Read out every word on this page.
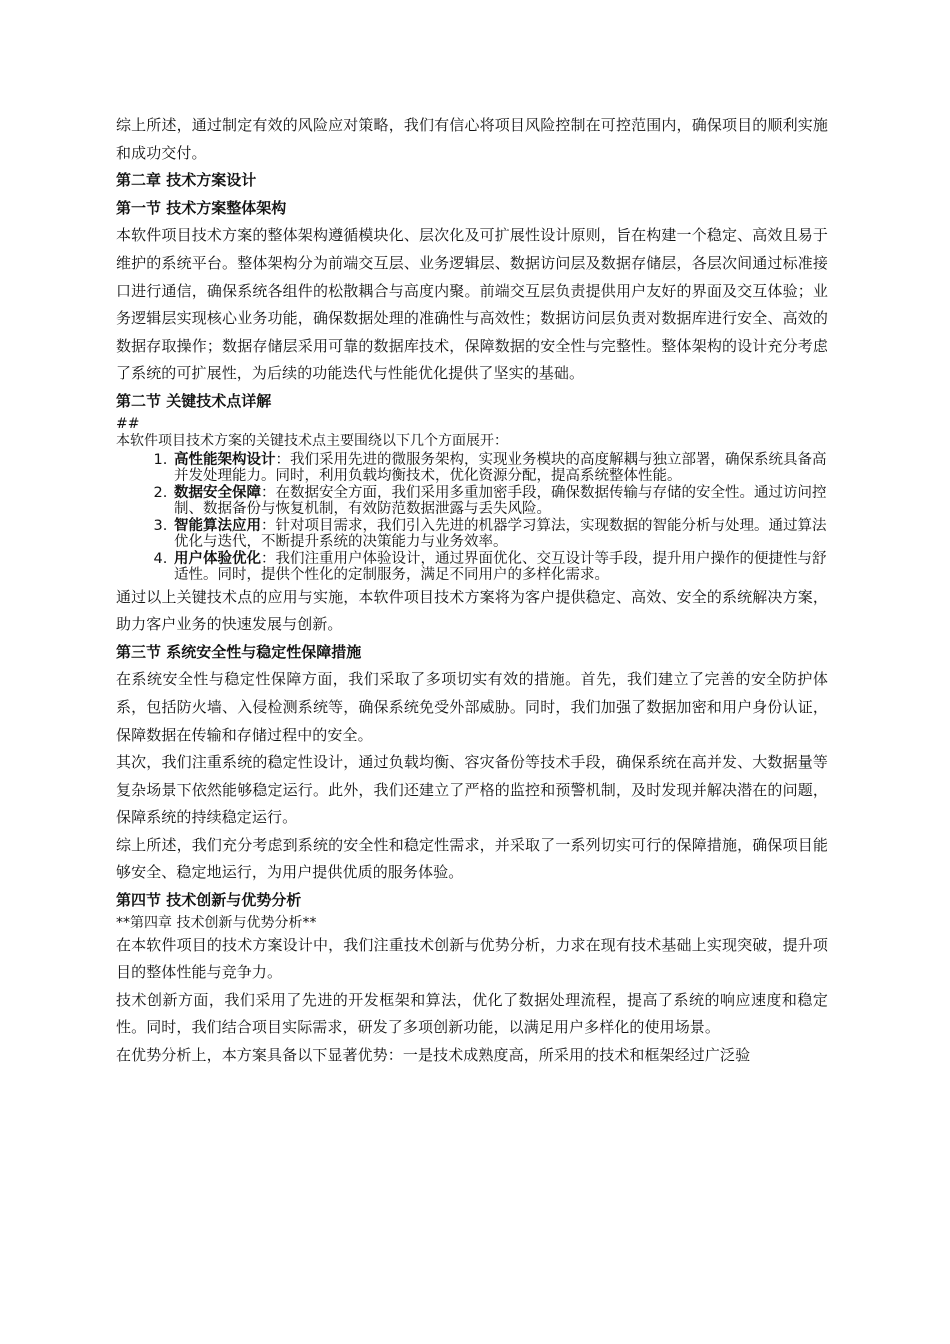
综上所述，通过制定有效的风险应对策略，我们有信心将项目风险控制在可控范围内，确保项目的顺利实施和成功交付。

第二章 技术方案设计
第一节 技术方案整体架构

本软件项目技术方案的整体架构遵循模块化、层次化及可扩展性设计原则，旨在构建一个稳定、高效且易于维护的系统平台。整体架构分为前端交互层、业务逻辑层、数据访问层及数据存储层，各层次间通过标准接口进行通信，确保系统各组件的松散耦合与高度内聚。前端交互层负责提供用户友好的界面及交互体验；业务逻辑层实现核心业务功能，确保数据处理的准确性与高效性；数据访问层负责对数据库进行安全、高效的数据存取操作；数据存储层采用可靠的数据库技术，保障数据的安全性与完整性。整体架构的设计充分考虑了系统的可扩展性，为后续的功能迭代与性能优化提供了坚实的基础。

第二节 关键技术点详解
##
本软件项目技术方案的关键技术点主要围绕以下几个方面展开：
1. 高性能架构设计：我们采用先进的微服务架构，实现业务模块的高度解耦与独立部署，确保系统具备高并发处理能力。同时，利用负载均衡技术，优化资源分配，提高系统整体性能。
2. 数据安全保障：在数据安全方面，我们采用多重加密手段，确保数据传输与存储的安全性。通过访问控制、数据备份与恢复机制，有效防范数据泄露与丢失风险。
3. 智能算法应用：针对项目需求，我们引入先进的机器学习算法，实现数据的智能分析与处理。通过算法优化与迭代，不断提升系统的决策能力与业务效率。
4. 用户体验优化：我们注重用户体验设计，通过界面优化、交互设计等手段，提升用户操作的便捷性与舒适性。同时，提供个性化的定制服务，满足不同用户的多样化需求。

通过以上关键技术点的应用与实施，本软件项目技术方案将为客户提供稳定、高效、安全的系统解决方案，助力客户业务的快速发展与创新。

第三节 系统安全性与稳定性保障措施

在系统安全性与稳定性保障方面，我们采取了多项切实有效的措施。首先，我们建立了完善的安全防护体系，包括防火墙、入侵检测系统等，确保系统免受外部威胁。同时，我们加强了数据加密和用户身份认证，保障数据在传输和存储过程中的安全。

其次，我们注重系统的稳定性设计，通过负载均衡、容灾备份等技术手段，确保系统在高并发、大数据量等复杂场景下依然能够稳定运行。此外，我们还建立了严格的监控和预警机制，及时发现并解决潜在的问题，保障系统的持续稳定运行。

综上所述，我们充分考虑到系统的安全性和稳定性需求，并采取了一系列切实可行的保障措施，确保项目能够安全、稳定地运行，为用户提供优质的服务体验。

第四节 技术创新与优势分析
**第四章 技术创新与优势分析**

在本软件项目的技术方案设计中，我们注重技术创新与优势分析，力求在现有技术基础上实现突破，提升项目的整体性能与竞争力。

技术创新方面，我们采用了先进的开发框架和算法，优化了数据处理流程，提高了系统的响应速度和稳定性。同时，我们结合项目实际需求，研发了多项创新功能，以满足用户多样化的使用场景。

在优势分析上，本方案具备以下显著优势：一是技术成熟度高，所采用的技术和框架经过广泛验
